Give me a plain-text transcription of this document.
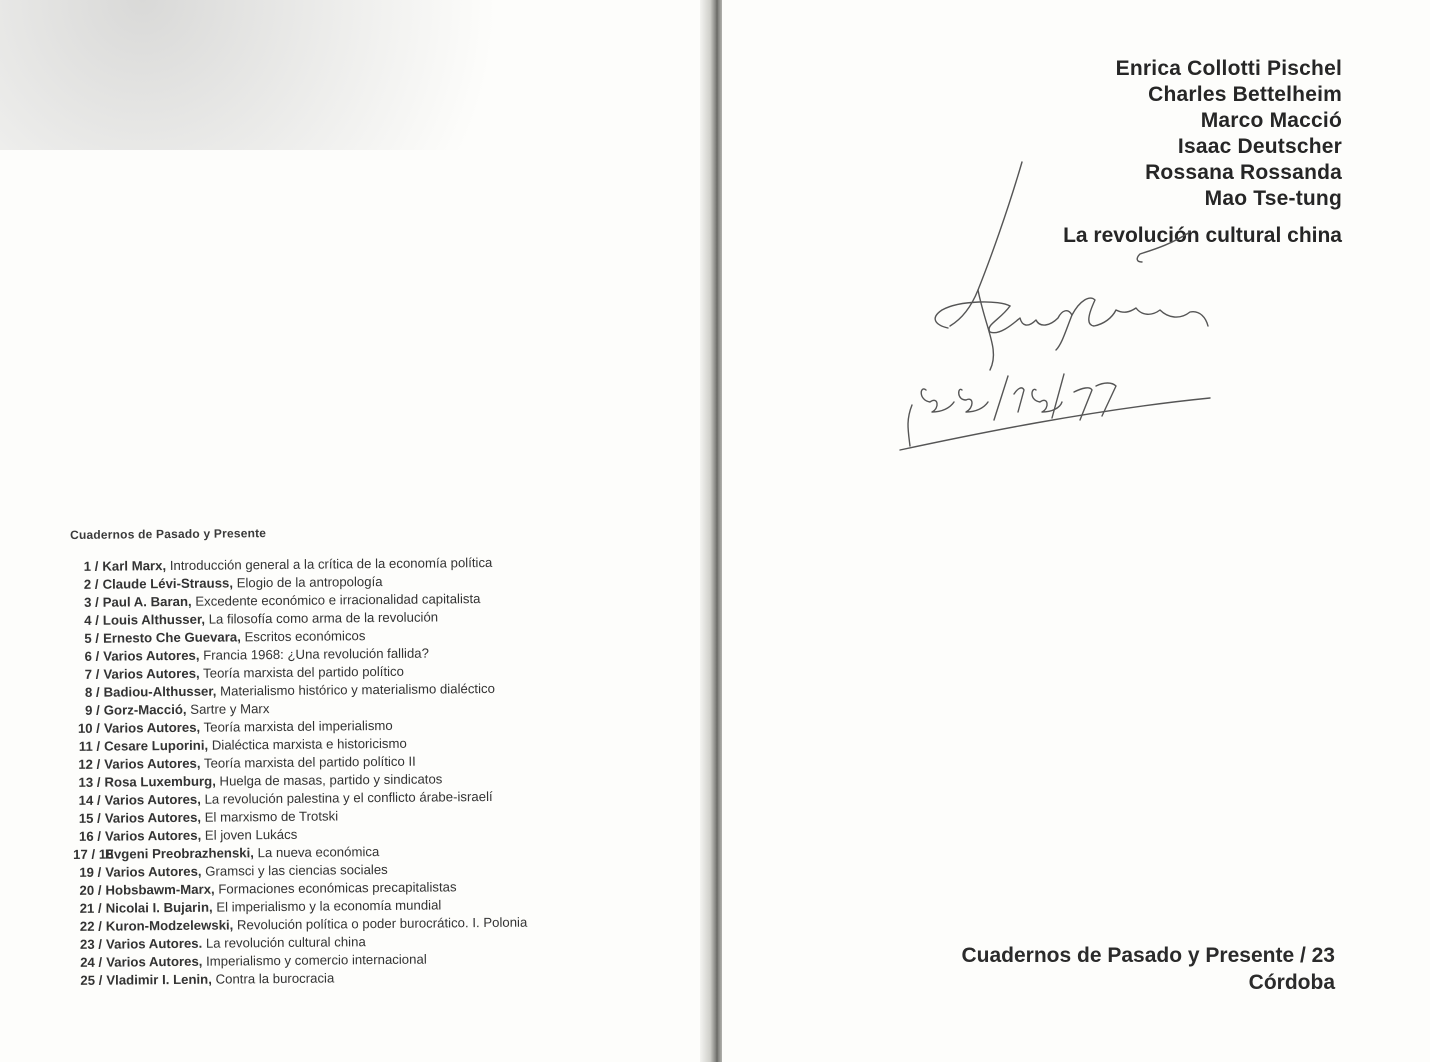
Cuadernos de Pasado y Presente
1 / Karl Marx, Introducción general a la crítica de la economía política
2 / Claude Lévi-Strauss, Elogio de la antropología
3 / Paul A. Baran, Excedente económico e irracionalidad capitalista
4 / Louis Althusser, La filosofía como arma de la revolución
5 / Ernesto Che Guevara, Escritos económicos
6 / Varios Autores, Francia 1968: ¿Una revolución fallida?
7 / Varios Autores, Teoría marxista del partido político
8 / Badiou-Althusser, Materialismo histórico y materialismo dialéctico
9 / Gorz-Macció, Sartre y Marx
10 / Varios Autores, Teoría marxista del imperialismo
11 / Cesare Luporini, Dialéctica marxista e historicismo
12 / Varios Autores, Teoría marxista del partido político II
13 / Rosa Luxemburg, Huelga de masas, partido y sindicatos
14 / Varios Autores, La revolución palestina y el conflicto árabe-israelí
15 / Varios Autores, El marxismo de Trotski
16 / Varios Autores, El joven Lukács
17 / 18Evgeni Preobrazhenski, La nueva económica
19 / Varios Autores, Gramsci y las ciencias sociales
20 / Hobsbawm-Marx, Formaciones económicas precapitalistas
21 / Nicolai I. Bujarin, El imperialismo y la economía mundial
22 / Kuron-Modzelewski, Revolución política o poder burocrático. I. Polonia
23 / Varios Autores. La revolución cultural china
24 / Varios Autores, Imperialismo y comercio internacional
25 / Vladimir I. Lenin, Contra la burocracia
Enrica Collotti Pischel
Charles Bettelheim
Marco Macció
Isaac Deutscher
Rossana Rossanda
Mao Tse-tung
La revolución cultural china
Cuadernos de Pasado y Presente / 23
Córdoba
